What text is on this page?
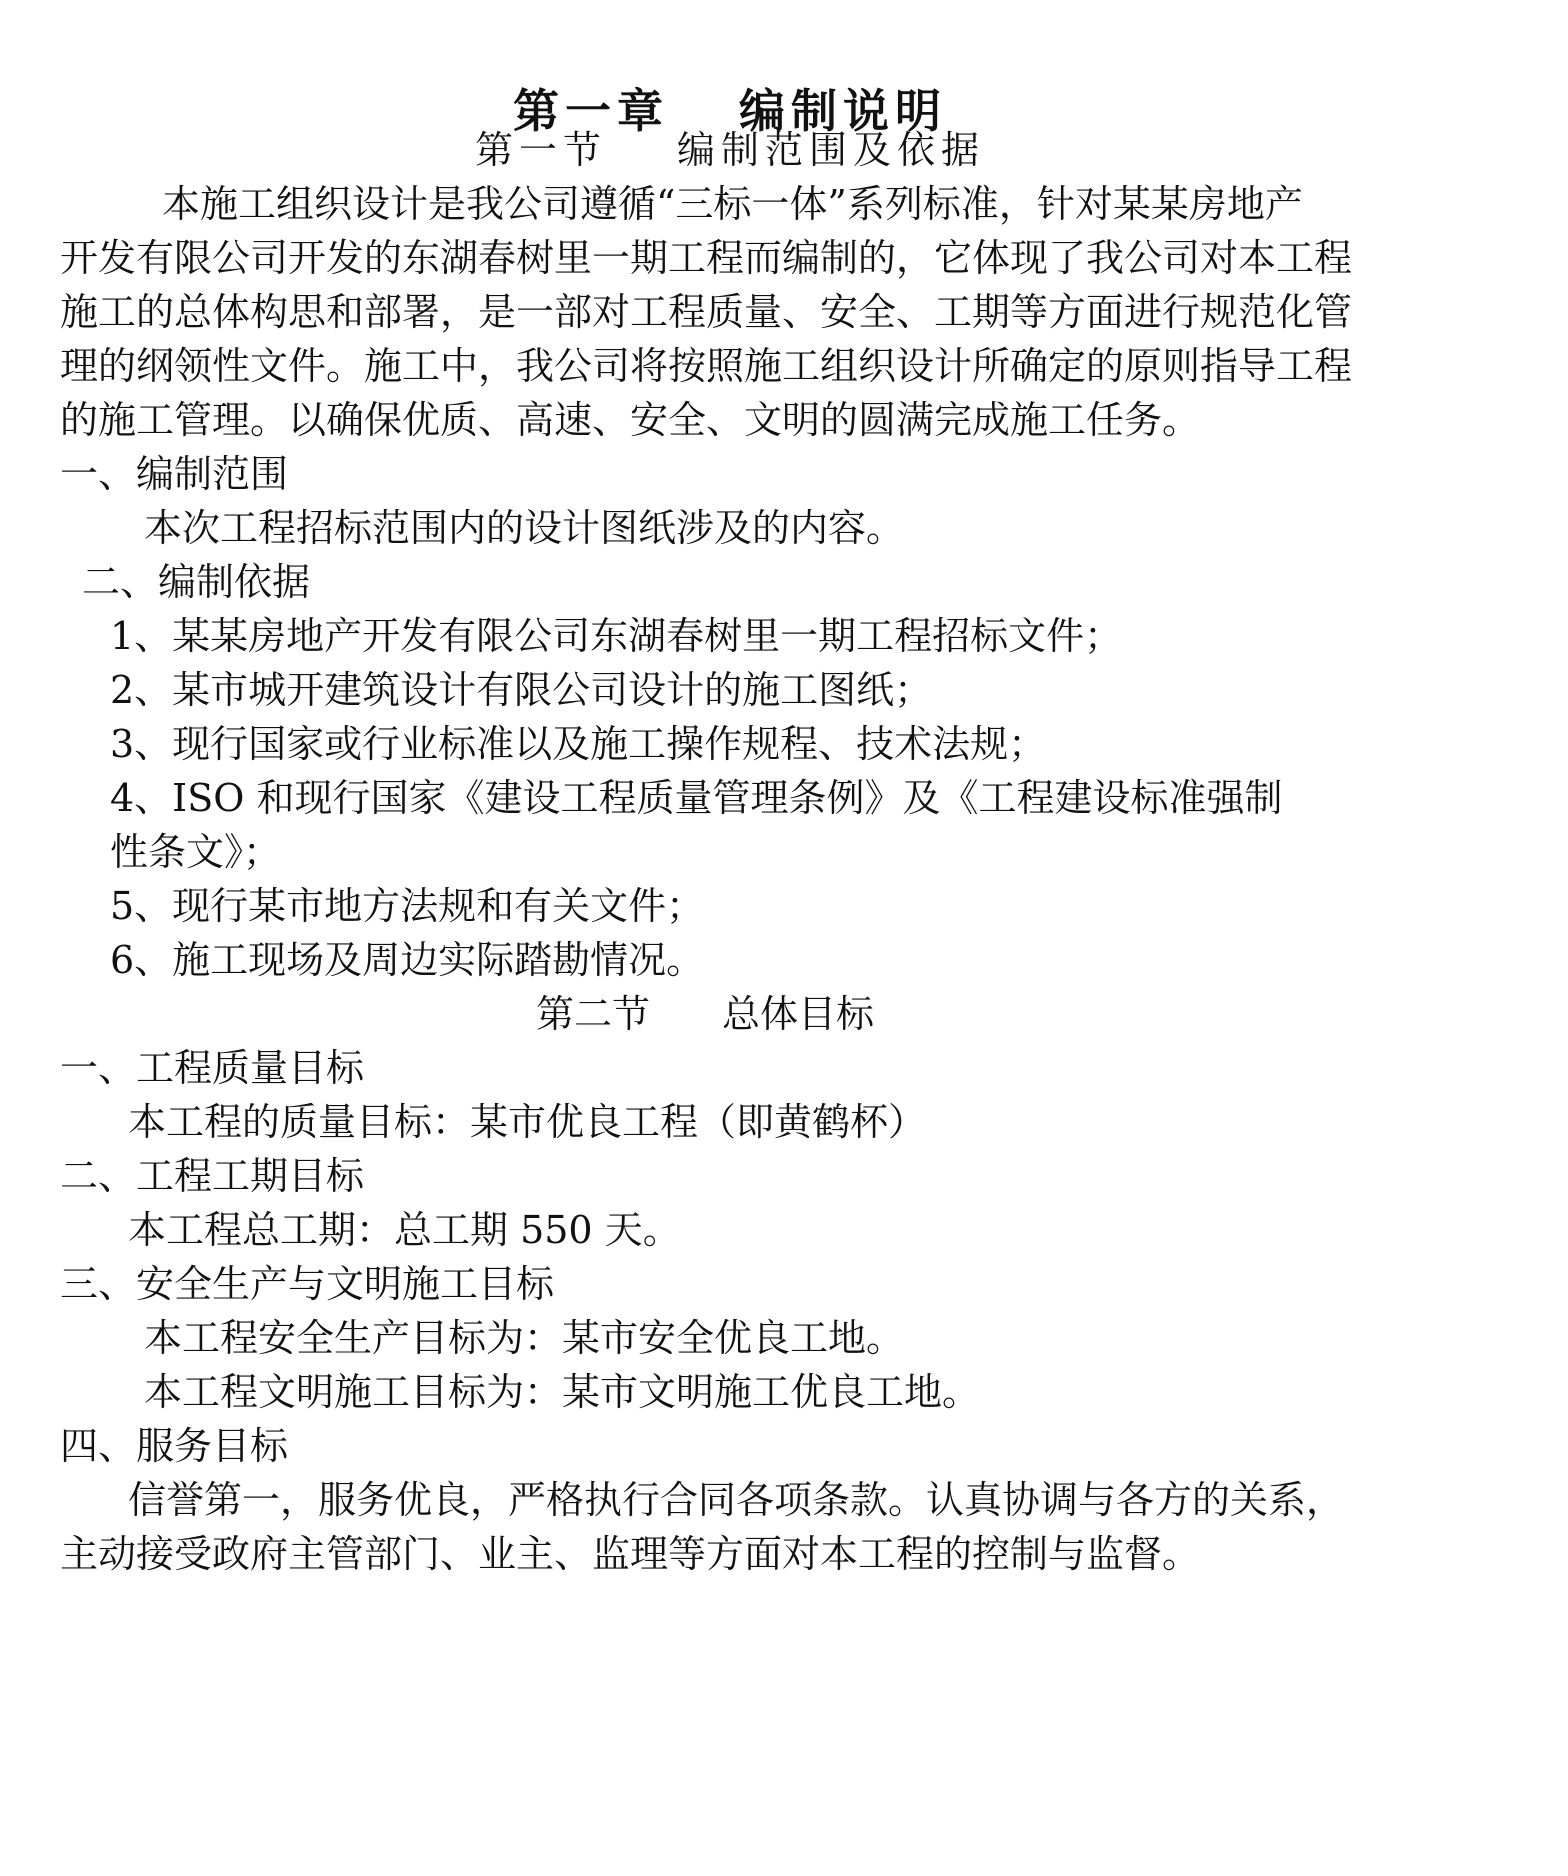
第一章 编制说明
第一节 编制范围及依据
本施工组织设计是我公司遵循“三标一体”系列标准，针对某某房地产
开发有限公司开发的东湖春树里一期工程而编制的，它体现了我公司对本工程
施工的总体构思和部署，是一部对工程质量、安全、工期等方面进行规范化管
理的纲领性文件。施工中，我公司将按照施工组织设计所确定的原则指导工程
的施工管理。以确保优质、高速、安全、文明的圆满完成施工任务。
一、编制范围
本次工程招标范围内的设计图纸涉及的内容。
二、编制依据
1、某某房地产开发有限公司东湖春树里一期工程招标文件；
2、某市城开建筑设计有限公司设计的施工图纸；
3、现行国家或行业标准以及施工操作规程、技术法规；
4、ISO 和现行国家《建设工程质量管理条例》及《工程建设标准强制
性条文》；
5、现行某市地方法规和有关文件；
6、施工现场及周边实际踏勘情况。
第二节 总体目标
一、工程质量目标
本工程的质量目标：某市优良工程（即黄鹤杯）
二、工程工期目标
本工程总工期：总工期 550 天。
三、安全生产与文明施工目标
本工程安全生产目标为：某市安全优良工地。
本工程文明施工目标为：某市文明施工优良工地。
四、服务目标
信誉第一，服务优良，严格执行合同各项条款。认真协调与各方的关系，
主动接受政府主管部门、业主、监理等方面对本工程的控制与监督。
